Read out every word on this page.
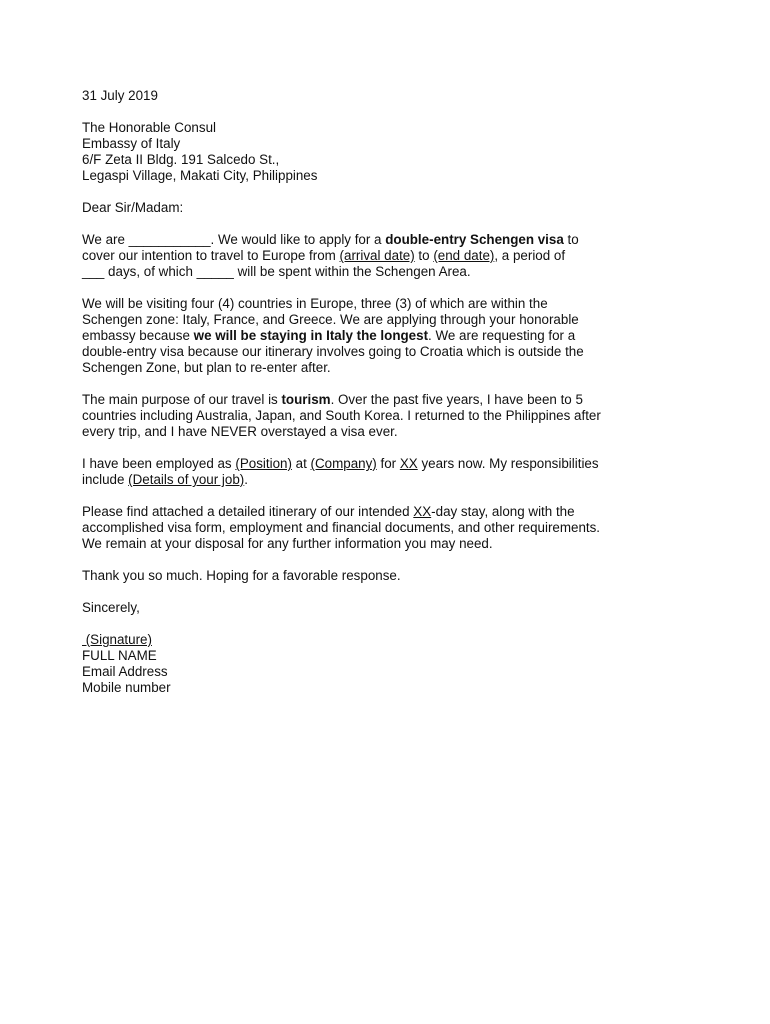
31 July 2019
The Honorable Consul
Embassy of Italy
6/F Zeta II Bldg. 191 Salcedo St.,
Legaspi Village, Makati City, Philippines
Dear Sir/Madam:
We are ___________. We would like to apply for a double-entry Schengen visa to
cover our intention to travel to Europe from (arrival date) to (end date), a period of
___ days, of which _____ will be spent within the Schengen Area.
We will be visiting four (4) countries in Europe, three (3) of which are within the
Schengen zone: Italy, France, and Greece. We are applying through your honorable
embassy because we will be staying in Italy the longest. We are requesting for a
double-entry visa because our itinerary involves going to Croatia which is outside the
Schengen Zone, but plan to re-enter after.
The main purpose of our travel is tourism. Over the past five years, I have been to 5
countries including Australia, Japan, and South Korea. I returned to the Philippines after
every trip, and I have NEVER overstayed a visa ever.
I have been employed as (Position) at (Company) for XX years now. My responsibilities
include (Details of your job).
Please find attached a detailed itinerary of our intended XX-day stay, along with the
accomplished visa form, employment and financial documents, and other requirements.
We remain at your disposal for any further information you may need.
Thank you so much. Hoping for a favorable response.
Sincerely,
(Signature)
FULL NAME
Email Address
Mobile number
